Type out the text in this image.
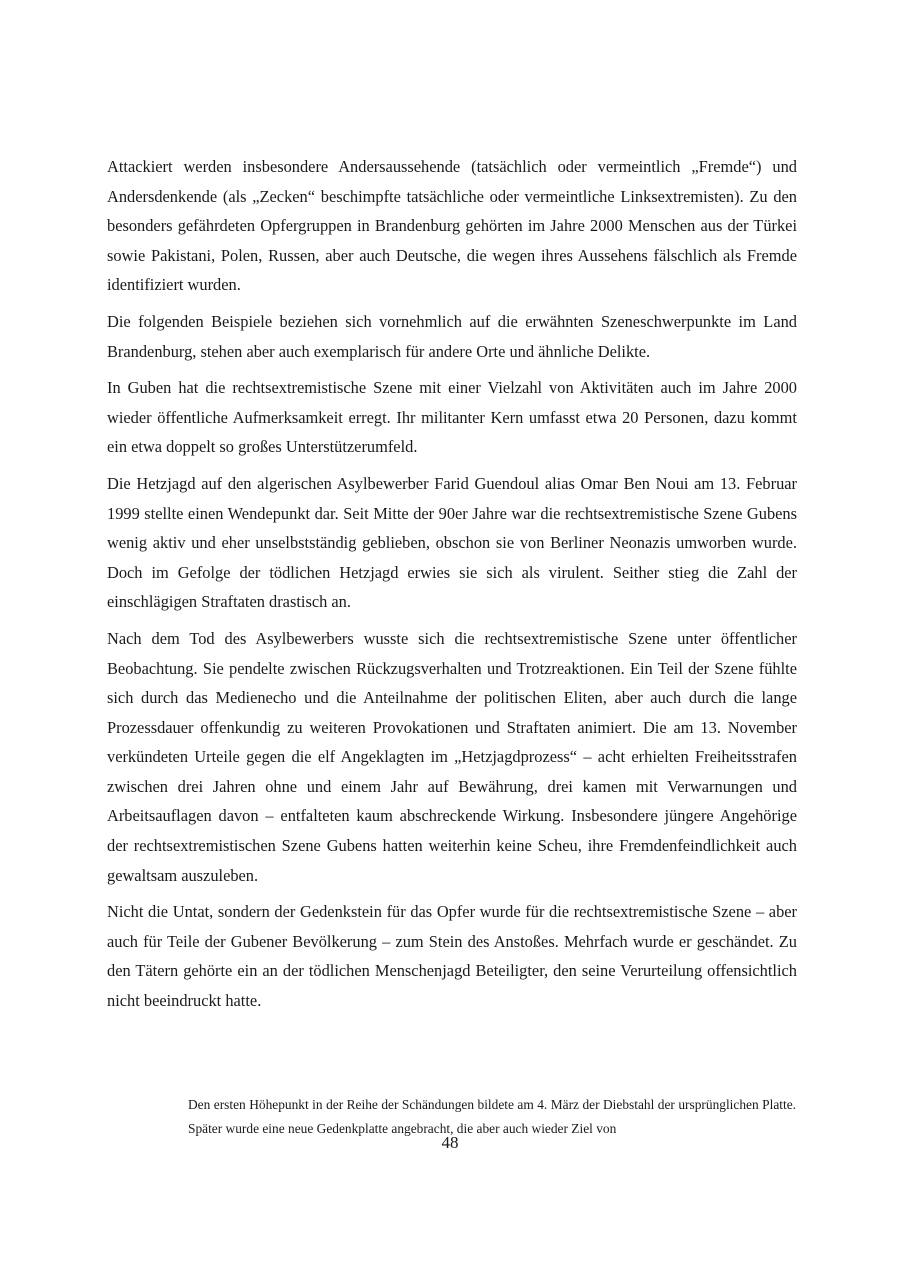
Attackiert werden insbesondere Andersaussehende (tatsächlich oder vermeintlich „Fremde“) und Andersdenkende (als „Zecken“ beschimpfte tatsächliche oder vermeintliche Linksextremisten). Zu den besonders gefährdeten Opfergruppen in Brandenburg gehörten im Jahre 2000 Menschen aus der Türkei sowie Pakistani, Polen, Russen, aber auch Deutsche, die wegen ihres Aussehens fälschlich als Fremde identifiziert wurden.

Die folgenden Beispiele beziehen sich vornehmlich auf die erwähnten Szeneschwerpunkte im Land Brandenburg, stehen aber auch exemplarisch für andere Orte und ähnliche Delikte.

In Guben hat die rechtsextremistische Szene mit einer Vielzahl von Aktivitäten auch im Jahre 2000 wieder öffentliche Aufmerksamkeit erregt. Ihr militanter Kern umfasst etwa 20 Personen, dazu kommt ein etwa doppelt so großes Unterstützerumfeld.

Die Hetzjagd auf den algerischen Asylbewerber Farid Guendoul alias Omar Ben Noui am 13. Februar 1999 stellte einen Wendepunkt dar. Seit Mitte der 90er Jahre war die rechtsextremistische Szene Gubens wenig aktiv und eher unselbstständig geblieben, obschon sie von Berliner Neonazis umworben wurde. Doch im Gefolge der tödlichen Hetzjagd erwies sie sich als virulent. Seither stieg die Zahl der einschlägigen Straftaten drastisch an.

Nach dem Tod des Asylbewerbers wusste sich die rechtsextremistische Szene unter öffentlicher Beobachtung. Sie pendelte zwischen Rückzugsverhalten und Trotzreaktionen. Ein Teil der Szene fühlte sich durch das Medienecho und die Anteilnahme der politischen Eliten, aber auch durch die lange Prozessdauer offenkundig zu weiteren Provokationen und Straftaten animiert. Die am 13. November verkündeten Urteile gegen die elf Angeklagten im „Hetzjagdprozess“ – acht erhielten Freiheitsstrafen zwischen drei Jahren ohne und einem Jahr auf Bewährung, drei kamen mit Verwarnungen und Arbeitsauflagen davon – entfalteten kaum abschreckende Wirkung. Insbesondere jüngere Angehörige der rechtsextremistischen Szene Gubens hatten weiterhin keine Scheu, ihre Fremdenfeindlichkeit auch gewaltsam auszuleben.

Nicht die Untat, sondern der Gedenkstein für das Opfer wurde für die rechtsextremistische Szene – aber auch für Teile der Gubener Bevölkerung – zum Stein des Anstoßes. Mehrfach wurde er geschändet. Zu den Tätern gehörte ein an der tödlichen Menschenjagd Beteiligter, den seine Verurteilung offensichtlich nicht beeindruckt hatte.

Den ersten Höhepunkt in der Reihe der Schändungen bildete am 4. März der Diebstahl der ursprünglichen Platte. Später wurde eine neue Gedenkplatte angebracht, die aber auch wieder Ziel von
48
